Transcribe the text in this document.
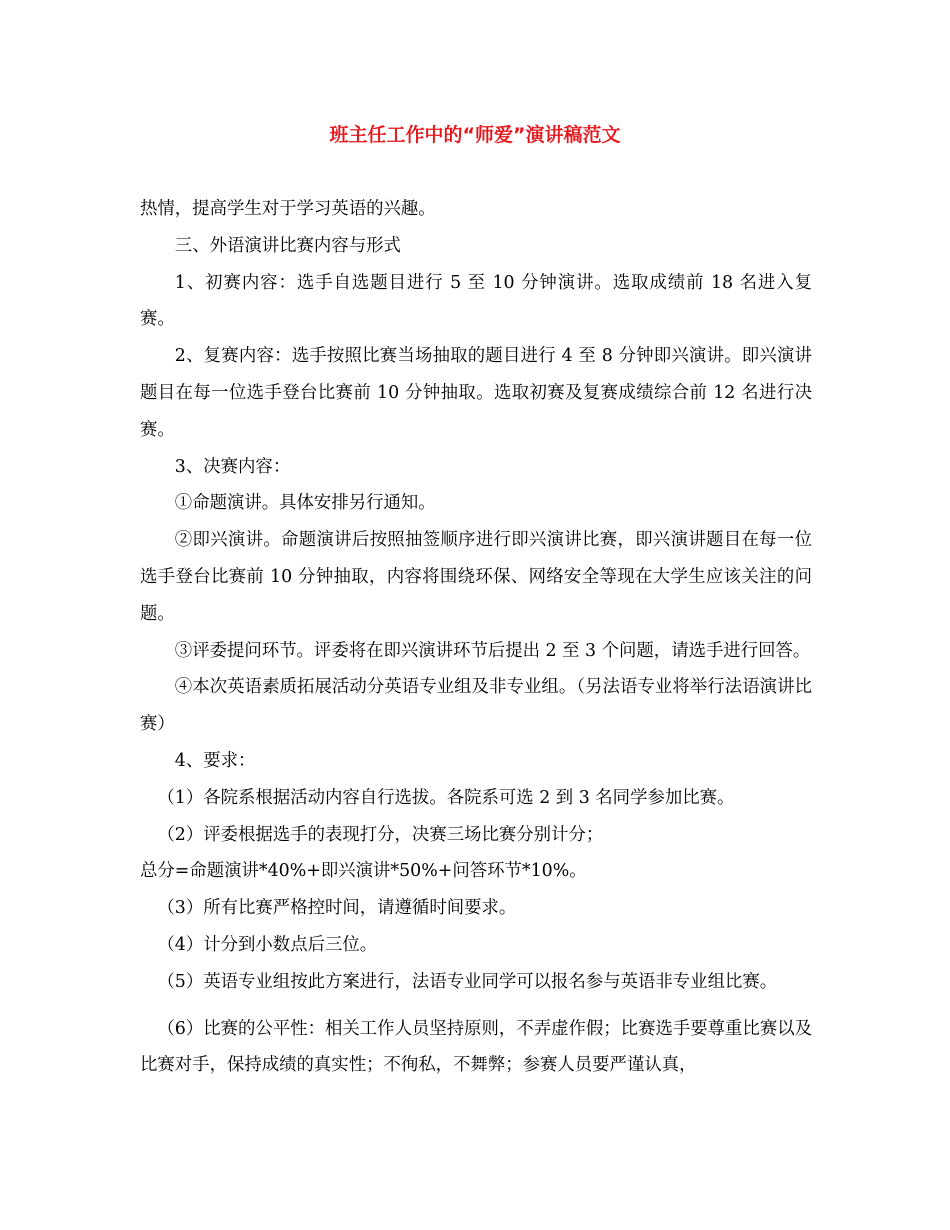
班主任工作中的“师爱”演讲稿范文

热情，提高学生对于学习英语的兴趣。

三、外语演讲比赛内容与形式

1、初赛内容：选手自选题目进行 5 至 10 分钟演讲。选取成绩前 18 名进入复赛。

2、复赛内容：选手按照比赛当场抽取的题目进行 4 至 8 分钟即兴演讲。即兴演讲题目在每一位选手登台比赛前 10 分钟抽取。选取初赛及复赛成绩综合前 12 名进行决赛。

3、决赛内容：

①命题演讲。具体安排另行通知。

②即兴演讲。命题演讲后按照抽签顺序进行即兴演讲比赛，即兴演讲题目在每一位选手登台比赛前 10 分钟抽取，内容将围绕环保、网络安全等现在大学生应该关注的问题。

③评委提问环节。评委将在即兴演讲环节后提出 2 至 3 个问题，请选手进行回答。

④本次英语素质拓展活动分英语专业组及非专业组。（另法语专业将举行法语演讲比赛）

4、要求：

（1）各院系根据活动内容自行选拔。各院系可选 2 到 3 名同学参加比赛。

（2）评委根据选手的表现打分，决赛三场比赛分别计分；

总分=命题演讲*40%+即兴演讲*50%+问答环节*10%。

（3）所有比赛严格控时间，请遵循时间要求。

（4）计分到小数点后三位。

（5）英语专业组按此方案进行，法语专业同学可以报名参与英语非专业组比赛。

（6）比赛的公平性：相关工作人员坚持原则，不弄虚作假；比赛选手要尊重比赛以及比赛对手，保持成绩的真实性；不徇私，不舞弊；参赛人员要严谨认真，
